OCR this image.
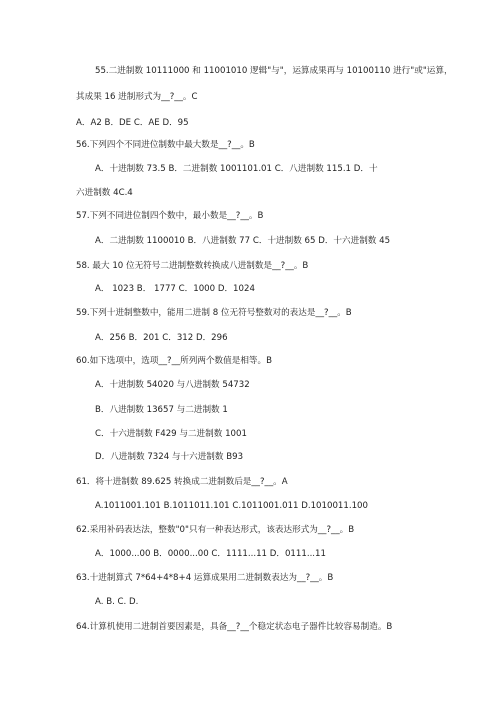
55.二进制数 10111000 和 11001010 逻辑"与"，运算成果再与 10100110 进行"或"运算，
其成果 16 进制形式为__?__。C
A．A2 B．DE C．AE D．95
56.下列四个不同进位制数中最大数是__?__。B
A．十进制数 73.5 B．二进制数 1001101.01 C．八进制数 115.1 D．十
六进制数 4C.4
57.下列不同进位制四个数中，最小数是__?__。B
A．二进制数 1100010 B．八进制数 77 C．十进制数 65 D．十六进制数 45
58. 最大 10 位无符号二进制整数转换成八进制数是__?__。B
A． 1023 B． 1777 C．1000 D．1024
59.下列十进制整数中，能用二进制 8 位无符号整数对的表达是__?__。B
A．256 B．201 C．312 D．296
60.如下选项中，选项__?__所列两个数值是相等。B
A．十进制数 54020 与八进制数 54732
B．八进制数 13657 与二进制数 1
C．十六进制数 F429 与二进制数 1001
D．八进制数 7324 与十六进制数 B93
61．将十进制数 89.625 转换成二进制数后是__?__。A
A.1011001.101 B.1011011.101 C.1011001.011 D.1010011.100
62.采用补码表达法，整数"0"只有一种表达形式，该表达形式为__?__。B
A．1000...00 B．0000...00 C．1111...11 D．0111...11
63.十进制算式 7*64+4*8+4 运算成果用二进制数表达为__?__。B
A. B. C. D.
64.计算机使用二进制首要因素是，具备__?__个稳定状态电子器件比较容易制造。B
